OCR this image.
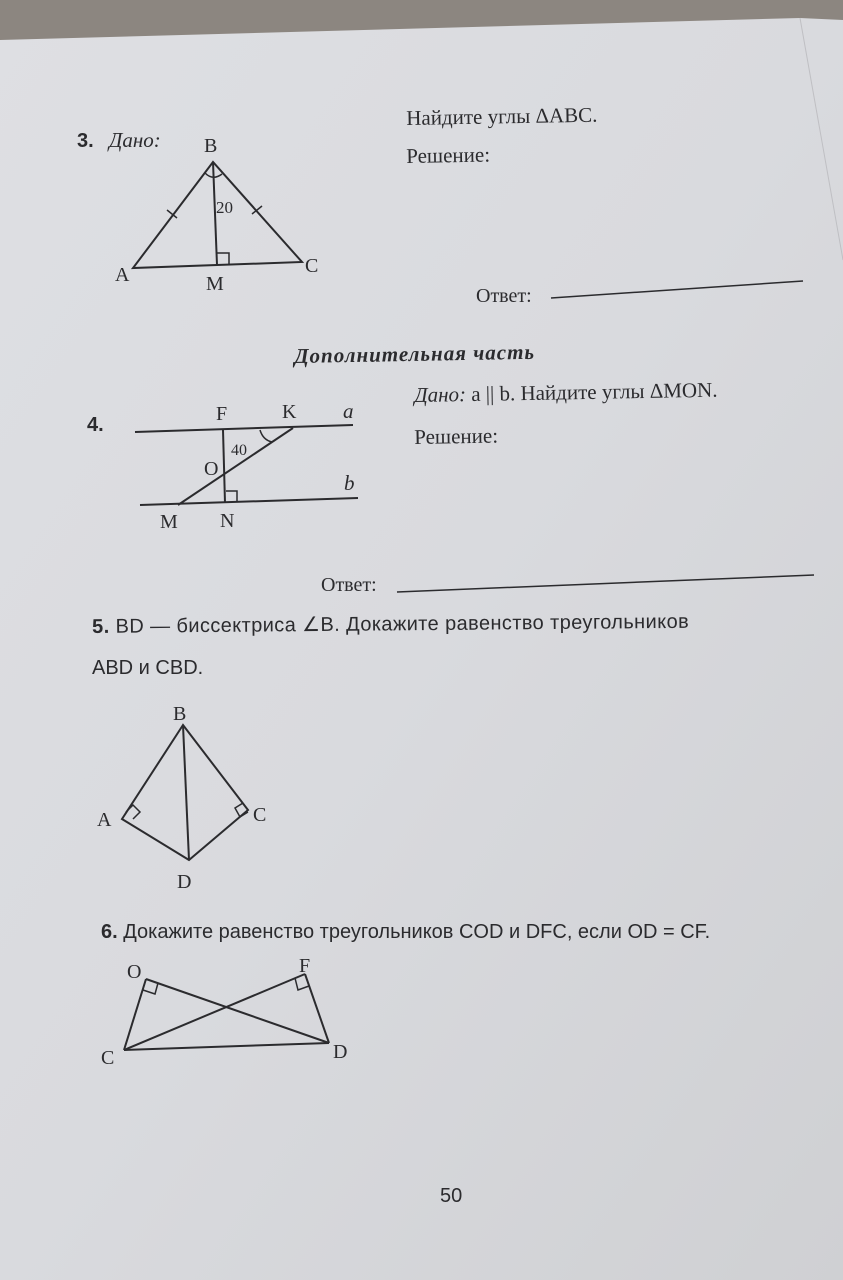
B
A	C
M
20
F	K a
O
40
b
M N
B
A	C
D
O	F
C	D
3. Дано:
Найдите углы ΔABC.
Решение:
Ответ:
Дополнительная часть
4.
Дано: a || b. Найдите углы ΔMON.
Решение:
Ответ:
5. BD — биссектриса ∠B. Докажите равенство треугольников
ABD и CBD.
6. Докажите равенство треугольников COD и DFC, если OD = CF.
50
